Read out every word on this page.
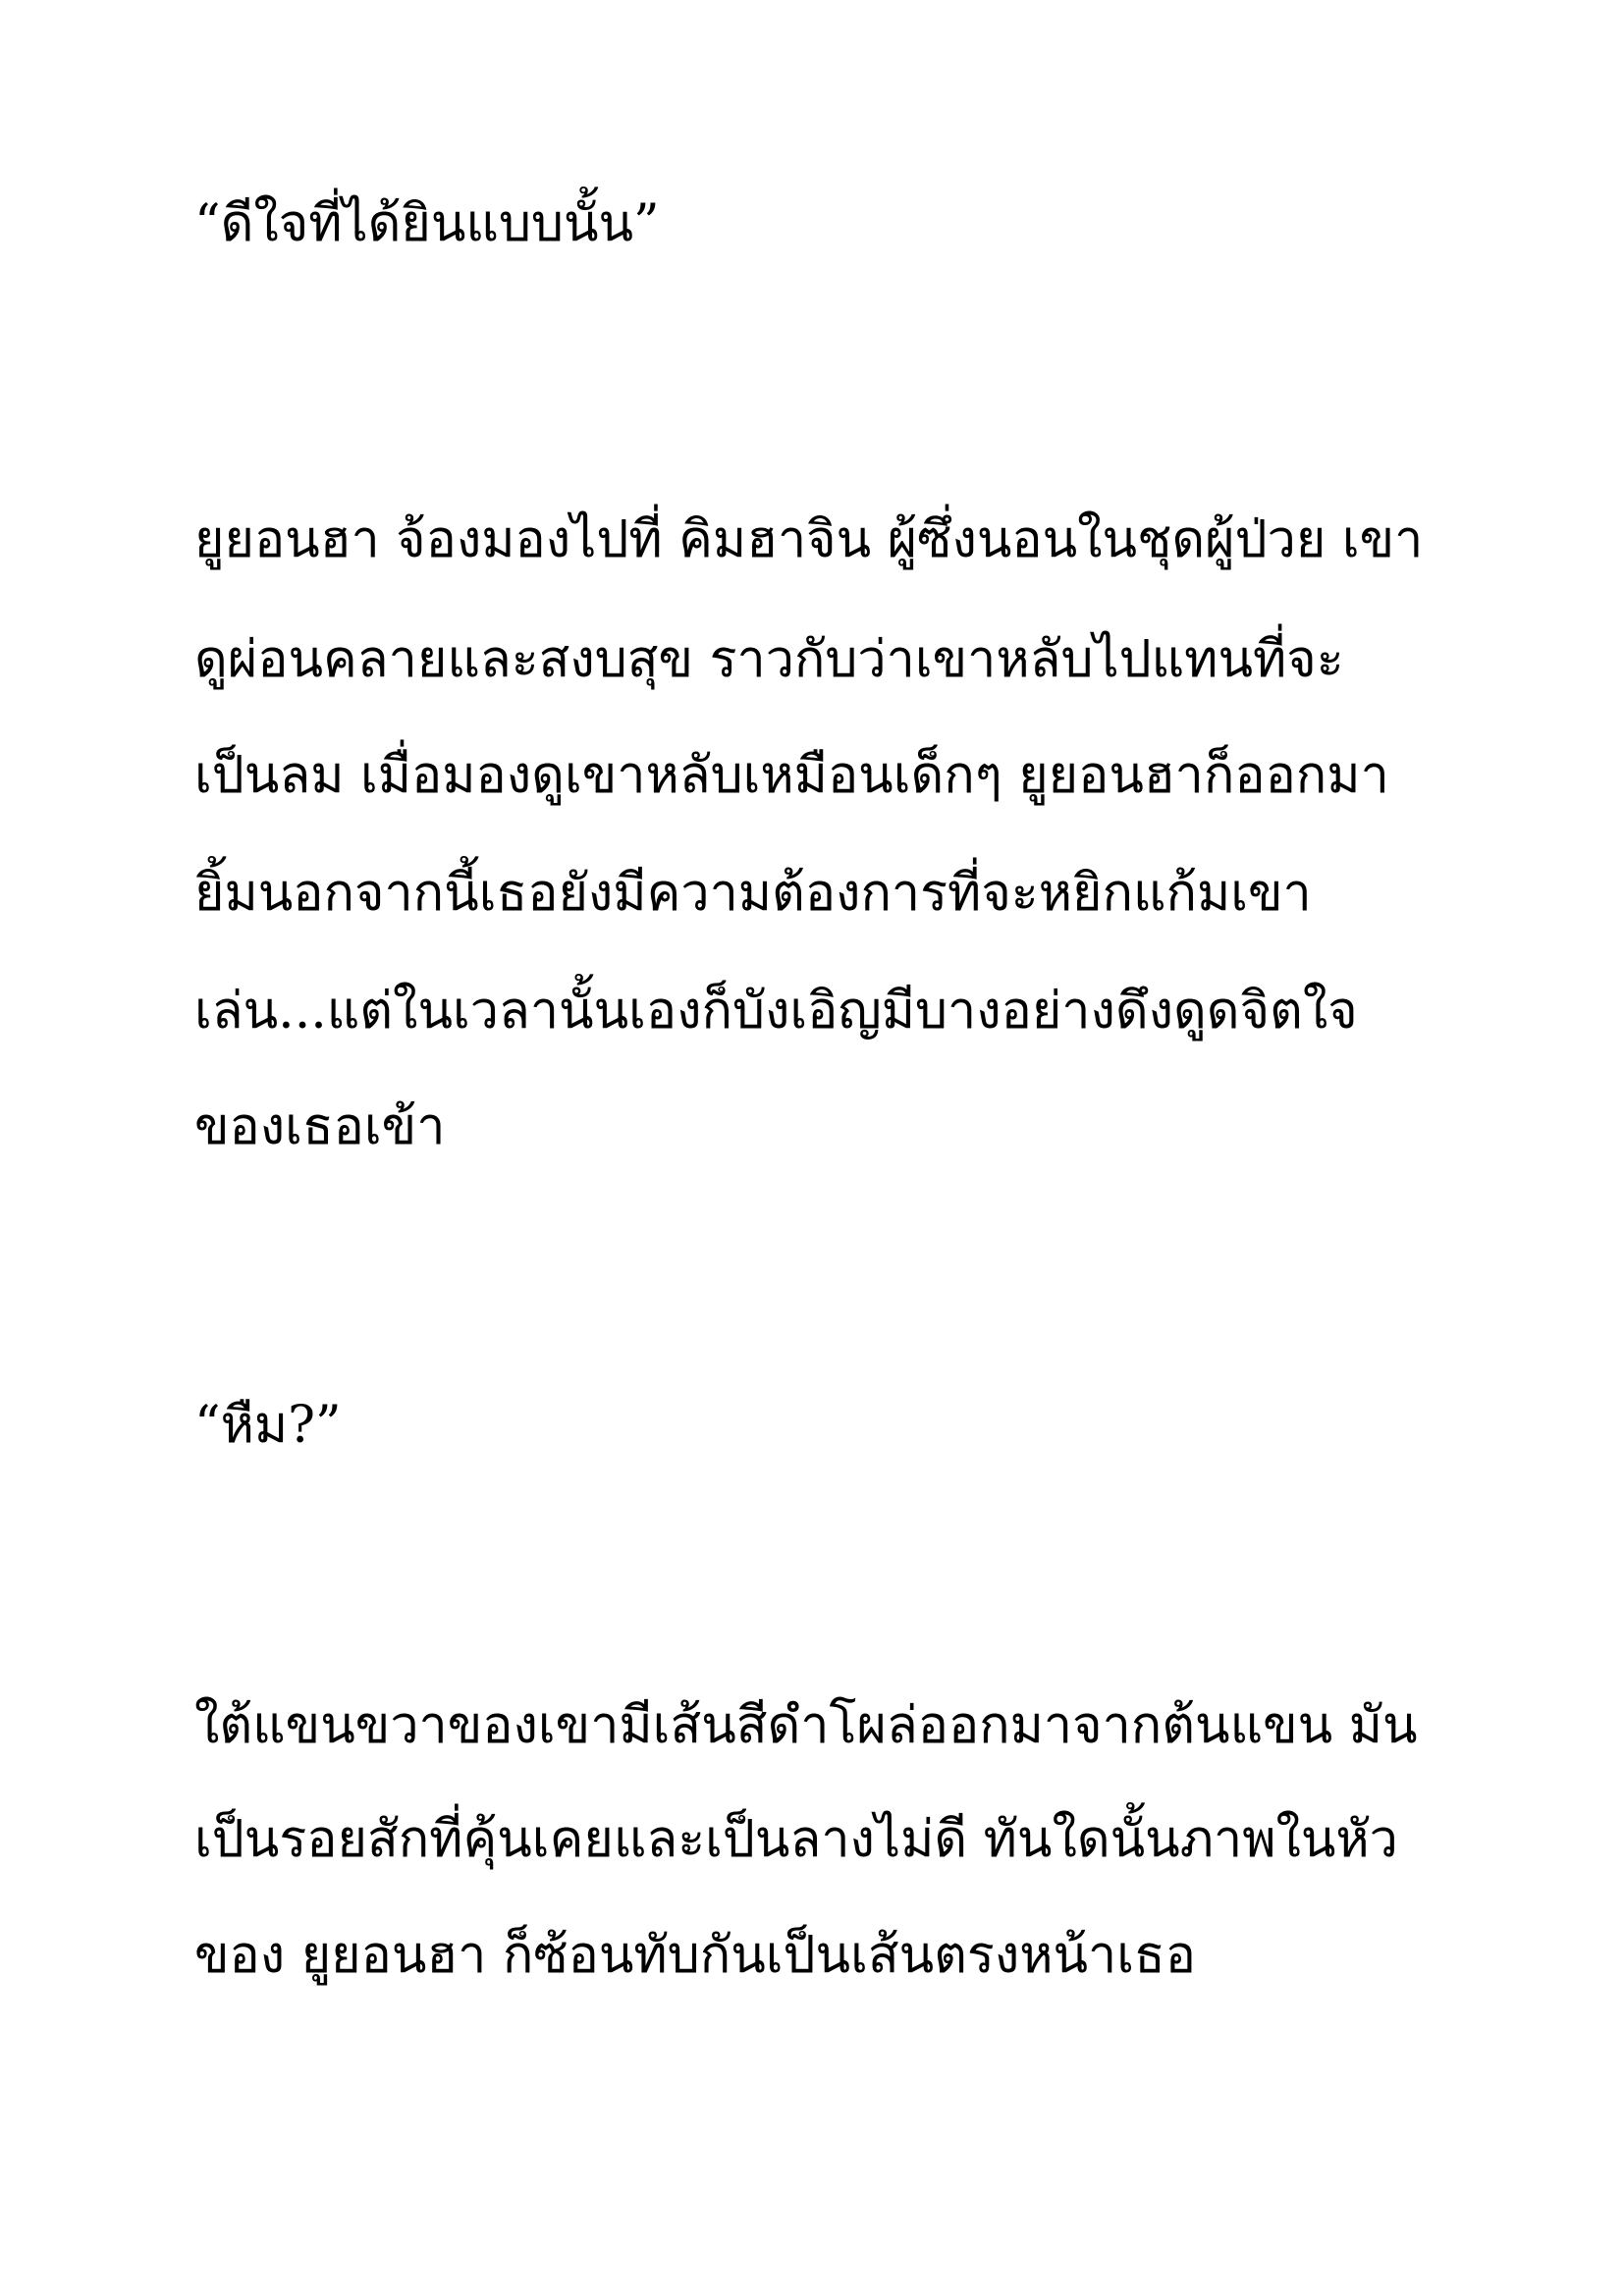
“ดีใจที่ได้ยินแบบนั้น”

ยูยอนฮา จ้องมองไปที่ คิมฮาจิน ผู้ซึ่งนอนในชุดผู้ป่วย เขา

ดูผ่อนคลายและสงบสุข ราวกับว่าเขาหลับไปแทนที่จะ

เป็นลม เมื่อมองดูเขาหลับเหมือนเด็กๆ ยูยอนฮาก็ออกมา

ยิ้มนอกจากนี้เธอยังมีความต้องการที่จะหยิกแก้มเขา

เล่น...แต่ในเวลานั้นเองก็บังเอิญมีบางอย่างดึงดูดจิตใจ

ของเธอเข้า

“หืม?”

ใต้แขนขวาของเขามีเส้นสีดำโผล่ออกมาจากต้นแขน มัน

เป็นรอยสักที่คุ้นเคยและเป็นลางไม่ดี ทันใดนั้นภาพในหัว

ของ ยูยอนฮา ก็ซ้อนทับกันเป็นเส้นตรงหน้าเธอ
